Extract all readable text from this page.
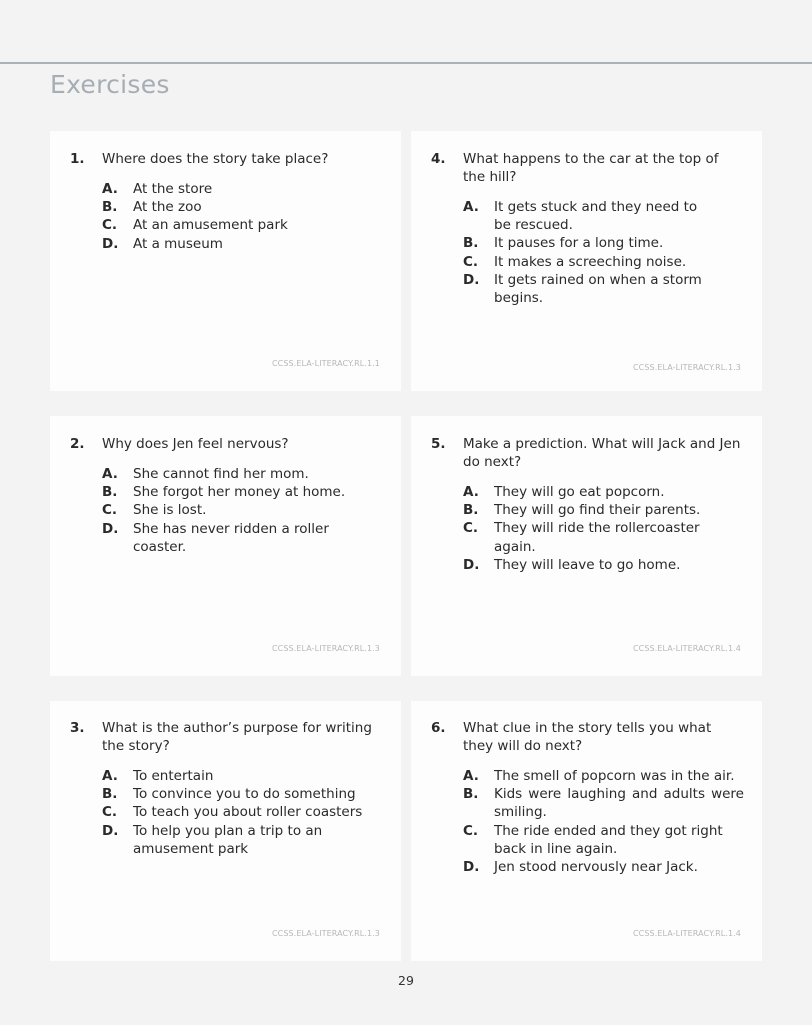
Exercises
1.	Where does the story take place?
A.	At the store
B.	At the zoo
C.	At an amusement park
D.	At a museum
CCSS.ELA-LITERACY.RL.1.1
4.	What happens to the car at the top of the hill?
A.	It gets stuck and they need to be rescued.
B.	It pauses for a long time.
C.	It makes a screeching noise.
D.	It gets rained on when a storm begins.
CCSS.ELA-LITERACY.RL.1.3
2.	Why does Jen feel nervous?
A.	She cannot find her mom.
B.	She forgot her money at home.
C.	She is lost.
D.	She has never ridden a roller coaster.
CCSS.ELA-LITERACY.RL.1.3
5.	Make a prediction. What will Jack and Jen do next?
A.	They will go eat popcorn.
B.	They will go find their parents.
C.	They will ride the rollercoaster again.
D.	They will leave to go home.
CCSS.ELA-LITERACY.RL.1.4
3.	What is the author’s purpose for writing the story?
A.	To entertain
B.	To convince you to do something
C.	To teach you about roller coasters
D.	To help you plan a trip to an amusement park
CCSS.ELA-LITERACY.RL.1.3
6.	What clue in the story tells you what they will do next?
A.	The smell of popcorn was in the air.
B.	Kids were laughing and adults were smiling.
C.	The ride ended and they got right back in line again.
D.	Jen stood nervously near Jack.
CCSS.ELA-LITERACY.RL.1.4
29
